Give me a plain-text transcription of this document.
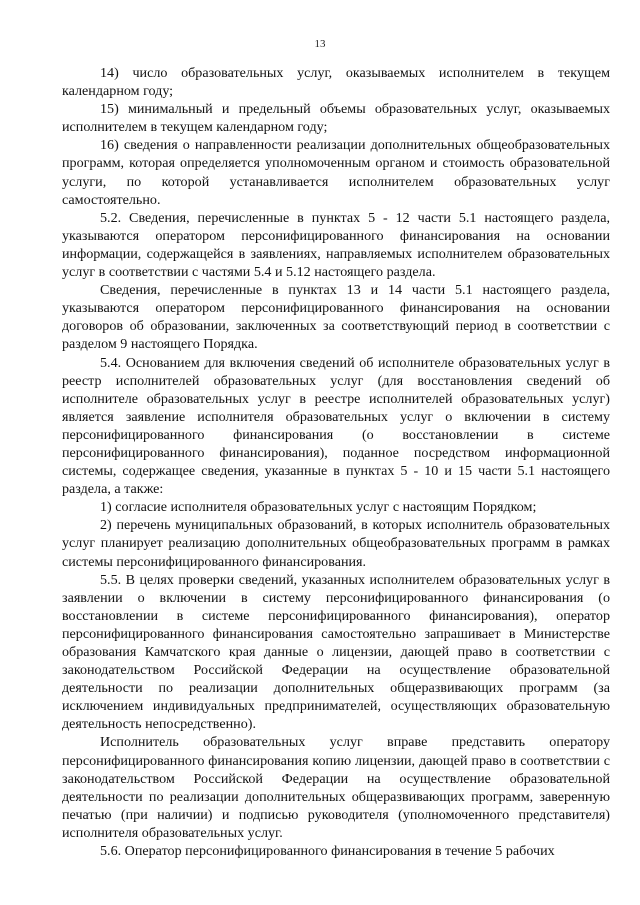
13

14) число образовательных услуг, оказываемых исполнителем в текущем календарном году;

15) минимальный и предельный объемы образовательных услуг, оказываемых исполнителем в текущем календарном году;

16) сведения о направленности реализации дополнительных общеобразовательных программ, которая определяется уполномоченным органом и стоимость образовательной услуги, по которой устанавливается исполнителем образовательных услуг самостоятельно.

5.2. Сведения, перечисленные в пунктах 5 - 12 части 5.1 настоящего раздела, указываются оператором персонифицированного финансирования на основании информации, содержащейся в заявлениях, направляемых исполнителем образовательных услуг в соответствии с частями 5.4 и 5.12 настоящего раздела.

Сведения, перечисленные в пунктах 13 и 14 части 5.1 настоящего раздела, указываются оператором персонифицированного финансирования на основании договоров об образовании, заключенных за соответствующий период в соответствии с разделом 9 настоящего Порядка.

5.4. Основанием для включения сведений об исполнителе образовательных услуг в реестр исполнителей образовательных услуг (для восстановления сведений об исполнителе образовательных услуг в реестре исполнителей образовательных услуг) является заявление исполнителя образовательных услуг о включении в систему персонифицированного финансирования (о восстановлении в системе персонифицированного финансирования), поданное посредством информационной системы, содержащее сведения, указанные в пунктах 5 - 10 и 15 части 5.1 настоящего раздела, а также:

1) согласие исполнителя образовательных услуг с настоящим Порядком;

2) перечень муниципальных образований, в которых исполнитель образовательных услуг планирует реализацию дополнительных общеобразовательных программ в рамках системы персонифицированного финансирования.

5.5. В целях проверки сведений, указанных исполнителем образовательных услуг в заявлении о включении в систему персонифицированного финансирования (о восстановлении в системе персонифицированного финансирования), оператор персонифицированного финансирования самостоятельно запрашивает в Министерстве образования Камчатского края данные о лицензии, дающей право в соответствии с законодательством Российской Федерации на осуществление образовательной деятельности по реализации дополнительных общеразвивающих программ (за исключением индивидуальных предпринимателей, осуществляющих образовательную деятельность непосредственно).

Исполнитель образовательных услуг вправе представить оператору персонифицированного финансирования копию лицензии, дающей право в соответствии с законодательством Российской Федерации на осуществление образовательной деятельности по реализации дополнительных общеразвивающих программ, заверенную печатью (при наличии) и подписью руководителя (уполномоченного представителя) исполнителя образовательных услуг.

5.6. Оператор персонифицированного финансирования в течение 5 рабочих
